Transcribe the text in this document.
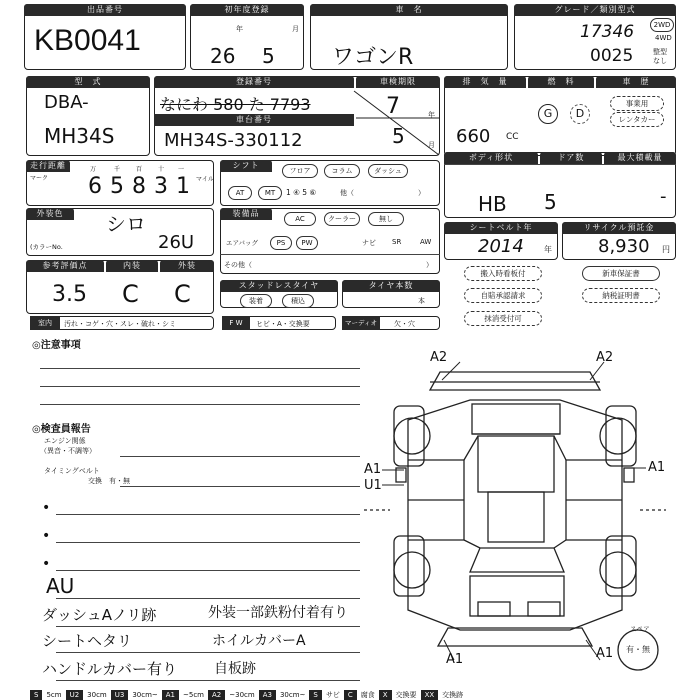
出品番号
KB0041
初年度登録
年	月
26 5
車　名
ワゴンR
グレード／類別型式
17346
0025
2WD
4WD
整型なし
型　式
DBA-
MH34S
登録番号
なにわ 580 た 7793
車台番号
MH34S-330112
車検期限
7
5
年
月
排　気　量	燃　料	車　歴
660 CC
G	D
事業用
レンタカー
走行距離
マーク
万	千	百	十 一
6 5 8 3 1 マイル
シフト
フロア	コラム	ダッシュ
AT	MT	1 ④ 5 ⑥	他（	）
ボディ形状	ドア数	最大積載量
HB 5	-
外装色	シロ
(カラーNo.	26U
装備品
AC	クーラー	無し
エアバッグ	PS	PW	ナビ SR	AW
その他（	）
シートベルト年
2014	年
リサイクル預託金
8,930 円
参考評価点	内装	外装
3.5 C C	スタッドレスタイヤ
装着	積込
タイヤ本数
本
搬入時看板付	新車保証書
自賠承認請求	納税証明書
抹消受付可
室内	汚れ・コゲ・穴・スレ・破れ・シミ	F W	ヒビ・A・交換要	マーディオ	欠・穴
◎注意事項
◎検査員報告
エンジン関係
（異音・不調等）
タイミングベルト
交換　有・無
•
•
•
AU
ダッシュAノリ跡	外装一部鉄粉付着有り
シートヘタリ	ホイルカバーA
ハンドルカバー有り	自板跡
A2	A2
A1
U1
A1
A1	A1
スペア
有・無
S	5cm	U2	30cm	U3	30cm~	A1	~5cm	A2	~30cm	A3	30cm~	S	サビ	C	腐食	X	交換要	XX	交換跡
